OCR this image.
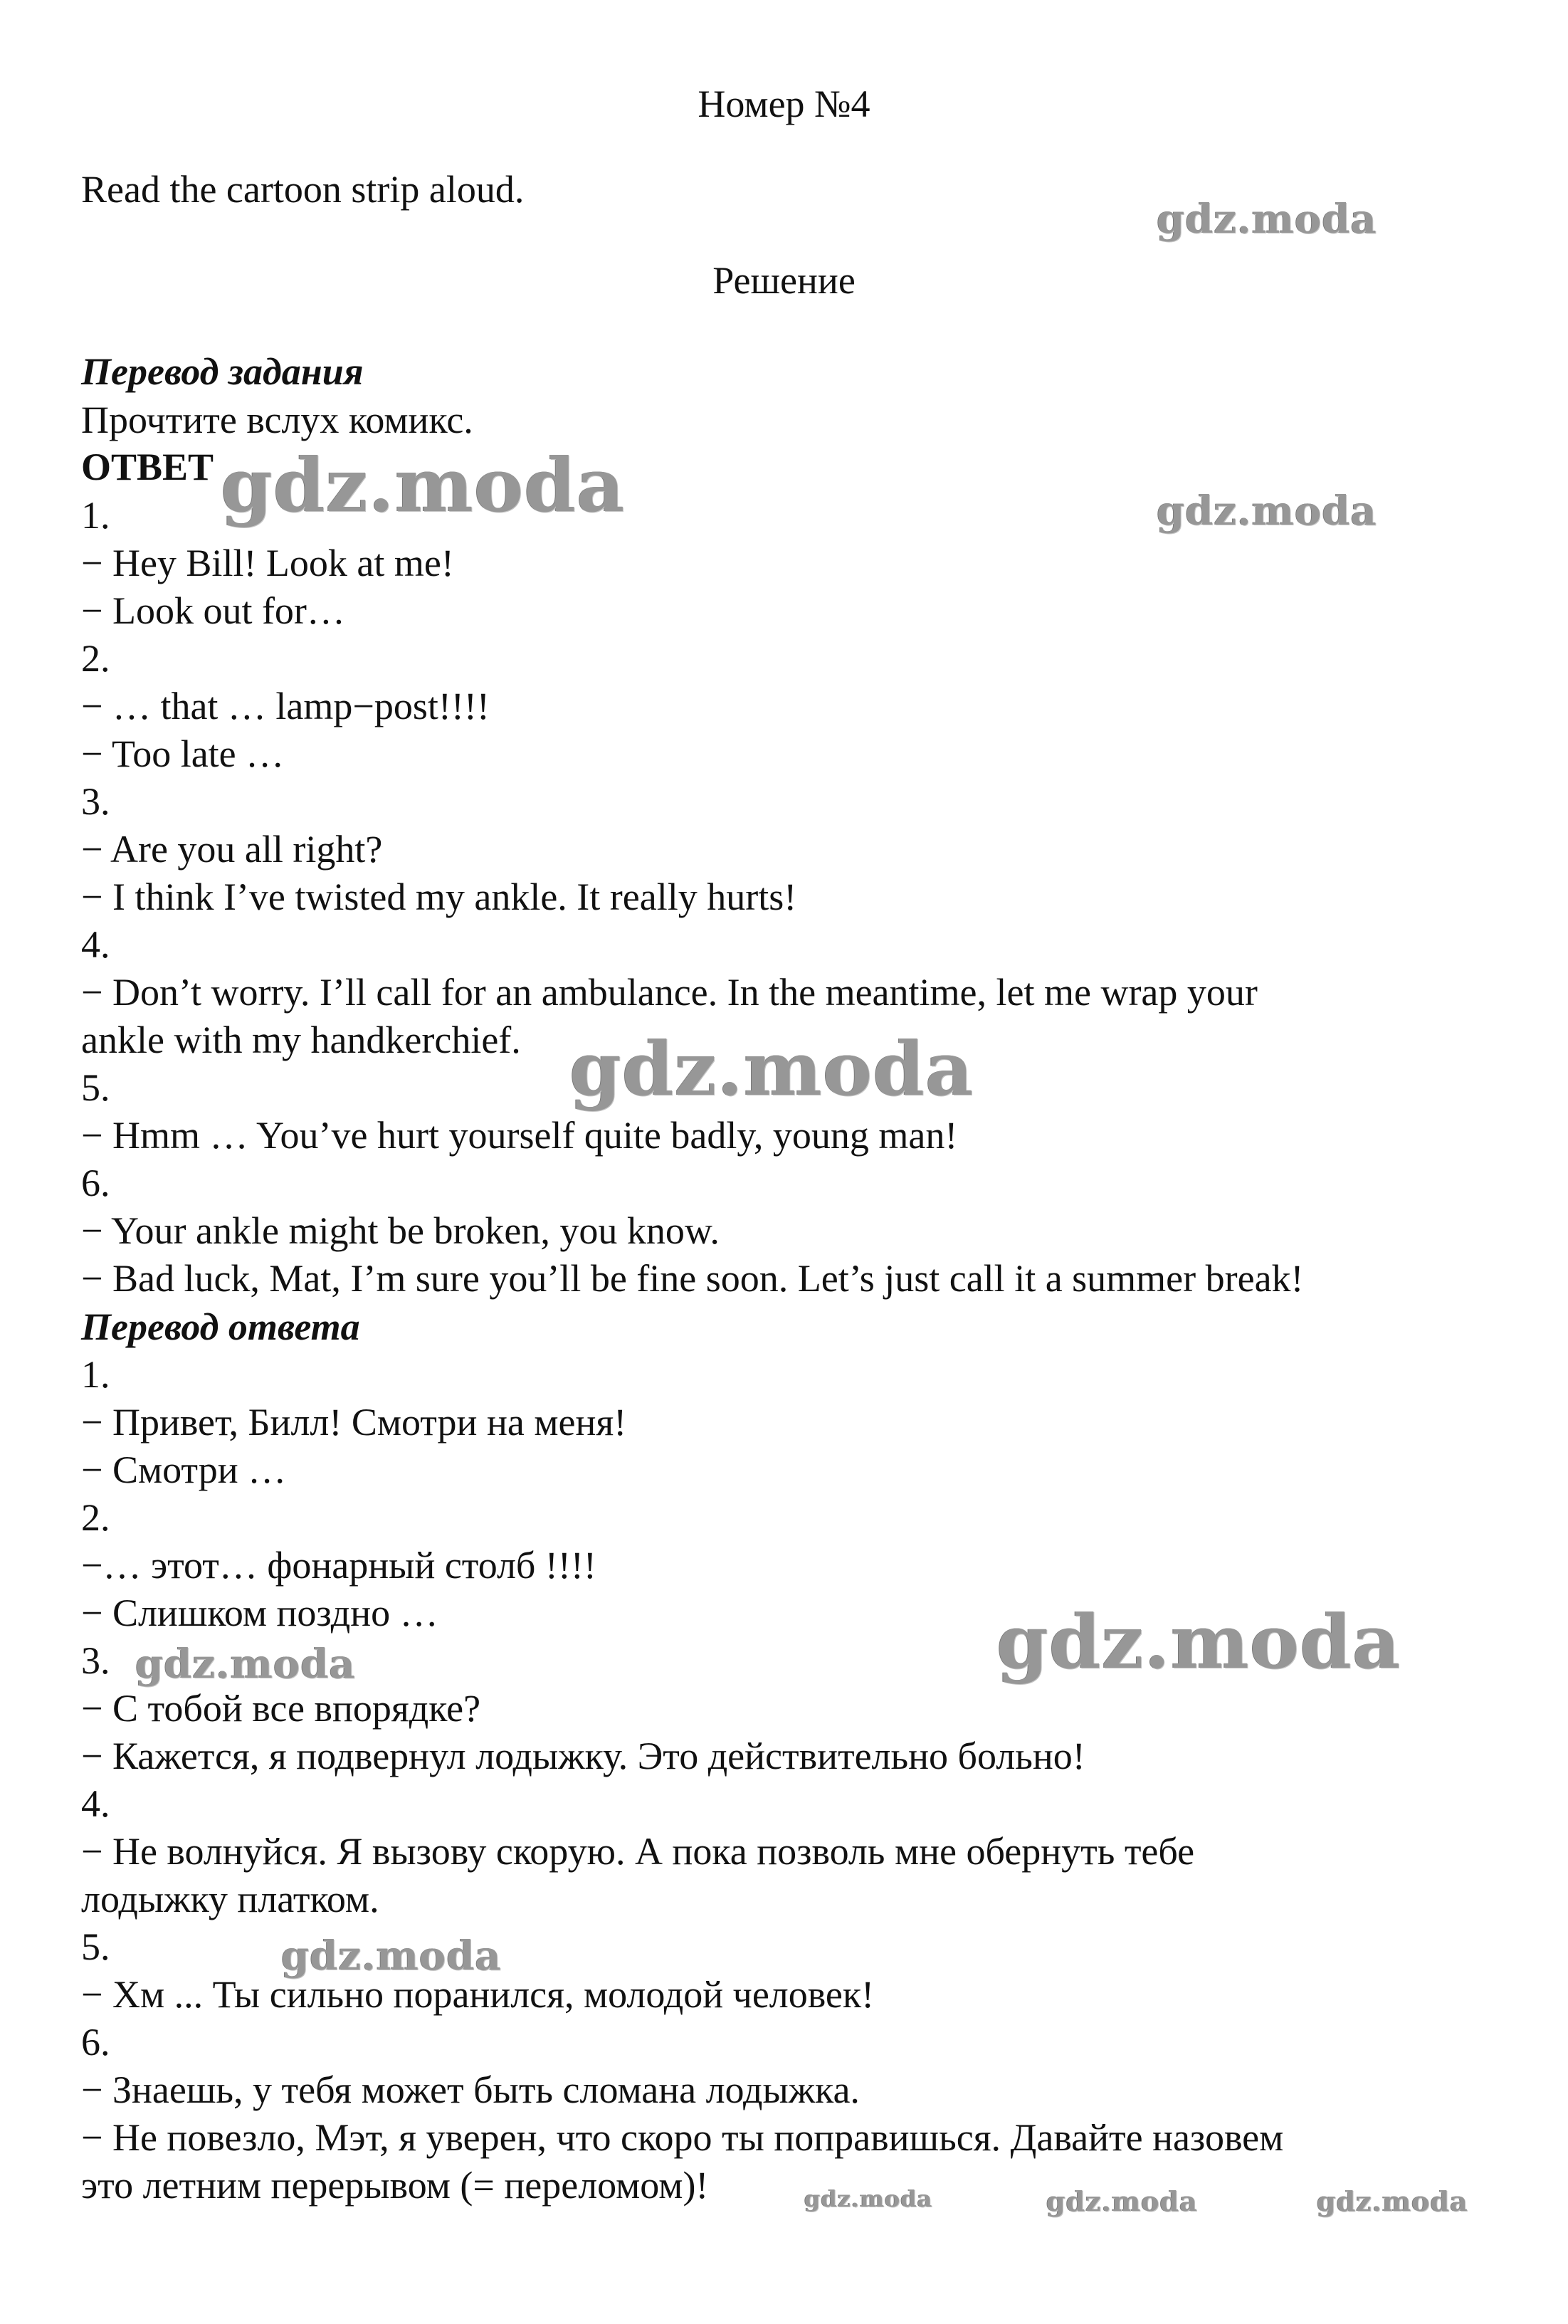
Номер №4
Read the cartoon strip aloud.
Решение
Перевод задания
Прочтите вслух комикс.
ОТВЕТ
1.
− Hey Bill! Look at me!
− Look out for…
2.
− … that … lamp−post!!!!
− Too late …
3.
− Are you all right?
− I think I’ve twisted my ankle. It really hurts!
4.
− Don’t worry. I’ll call for an ambulance. In the meantime, let me wrap your
ankle with my handkerchief.
5.
− Hmm … You’ve hurt yourself quite badly, young man!
6.
− Your ankle might be broken, you know.
− Bad luck, Mat, I’m sure you’ll be fine soon. Let’s just call it a summer break!
Перевод ответа
1.
− Привет, Билл! Смотри на меня!
− Смотри …
2.
−… этот… фонарный столб !!!!
− Слишком поздно …
3.
− С тобой все впорядке?
− Кажется, я подвернул лодыжку. Это действительно больно!
4.
− Не волнуйся. Я вызову скорую. А пока позволь мне обернуть тебе
лодыжку платком.
5.
− Хм ... Ты сильно поранился, молодой человек!
6.
− Знаешь, у тебя может быть сломана лодыжка.
− Не повезло, Мэт, я уверен, что скоро ты поправишься. Давайте назовем
это летним перерывом (= переломом)!
gdz.moda
gdz.moda	gdz.moda
gdz.moda
gdz.moda
gdz.moda
gdz.moda
gdz.moda	gdz.moda	gdz.moda
